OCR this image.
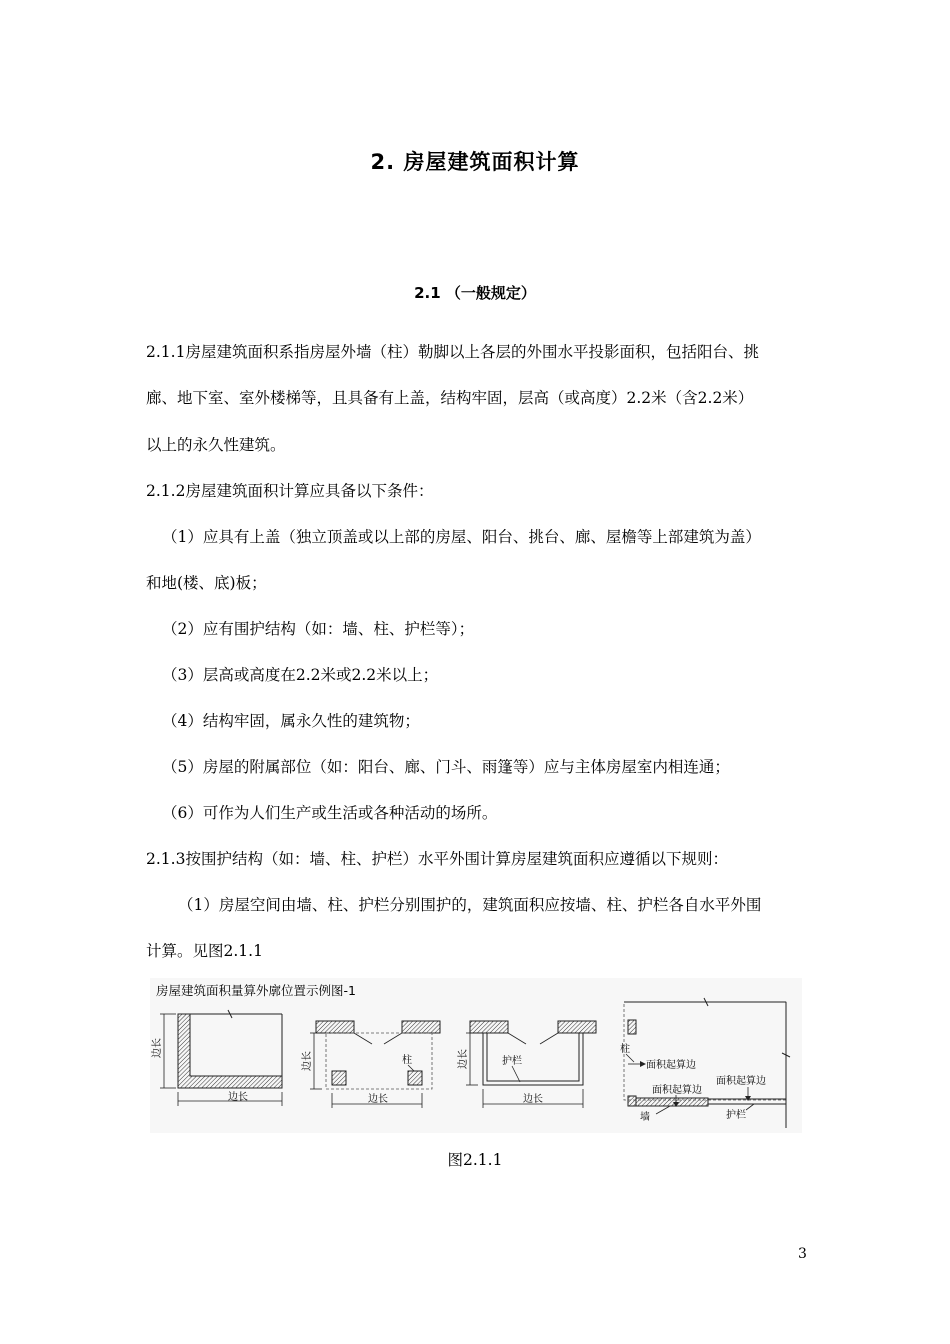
2. 房屋建筑面积计算
2.1 （一般规定）
2.1.1房屋建筑面积系指房屋外墙（柱）勒脚以上各层的外围水平投影面积，包括阳台、挑
廊、地下室、室外楼梯等，且具备有上盖，结构牢固，层高（或高度）2.2米（含2.2米）
以上的永久性建筑。
2.1.2房屋建筑面积计算应具备以下条件：
（1）应具有上盖（独立顶盖或以上部的房屋、阳台、挑台、廊、屋檐等上部建筑为盖）
和地(楼、底)板；
（2）应有围护结构（如：墙、柱、护栏等）；
（3）层高或高度在2.2米或2.2米以上；
（4）结构牢固，属永久性的建筑物；
（5）房屋的附属部位（如：阳台、廊、门斗、雨篷等）应与主体房屋室内相连通；
（6）可作为人们生产或生活或各种活动的场所。
2.1.3按围护结构（如：墙、柱、护栏）水平外围计算房屋建筑面积应遵循以下规则：
（1）房屋空间由墙、柱、护栏分别围护的，建筑面积应按墙、柱、护栏各自水平外围
计算。见图2.1.1
房屋建筑面积量算外廓位置示例图-1
边长
边长
柱
边长
边长
护栏
边长
边长
柱
面积起算边
面积起算边
面积起算边
墙	护栏
图2.1.1
3
